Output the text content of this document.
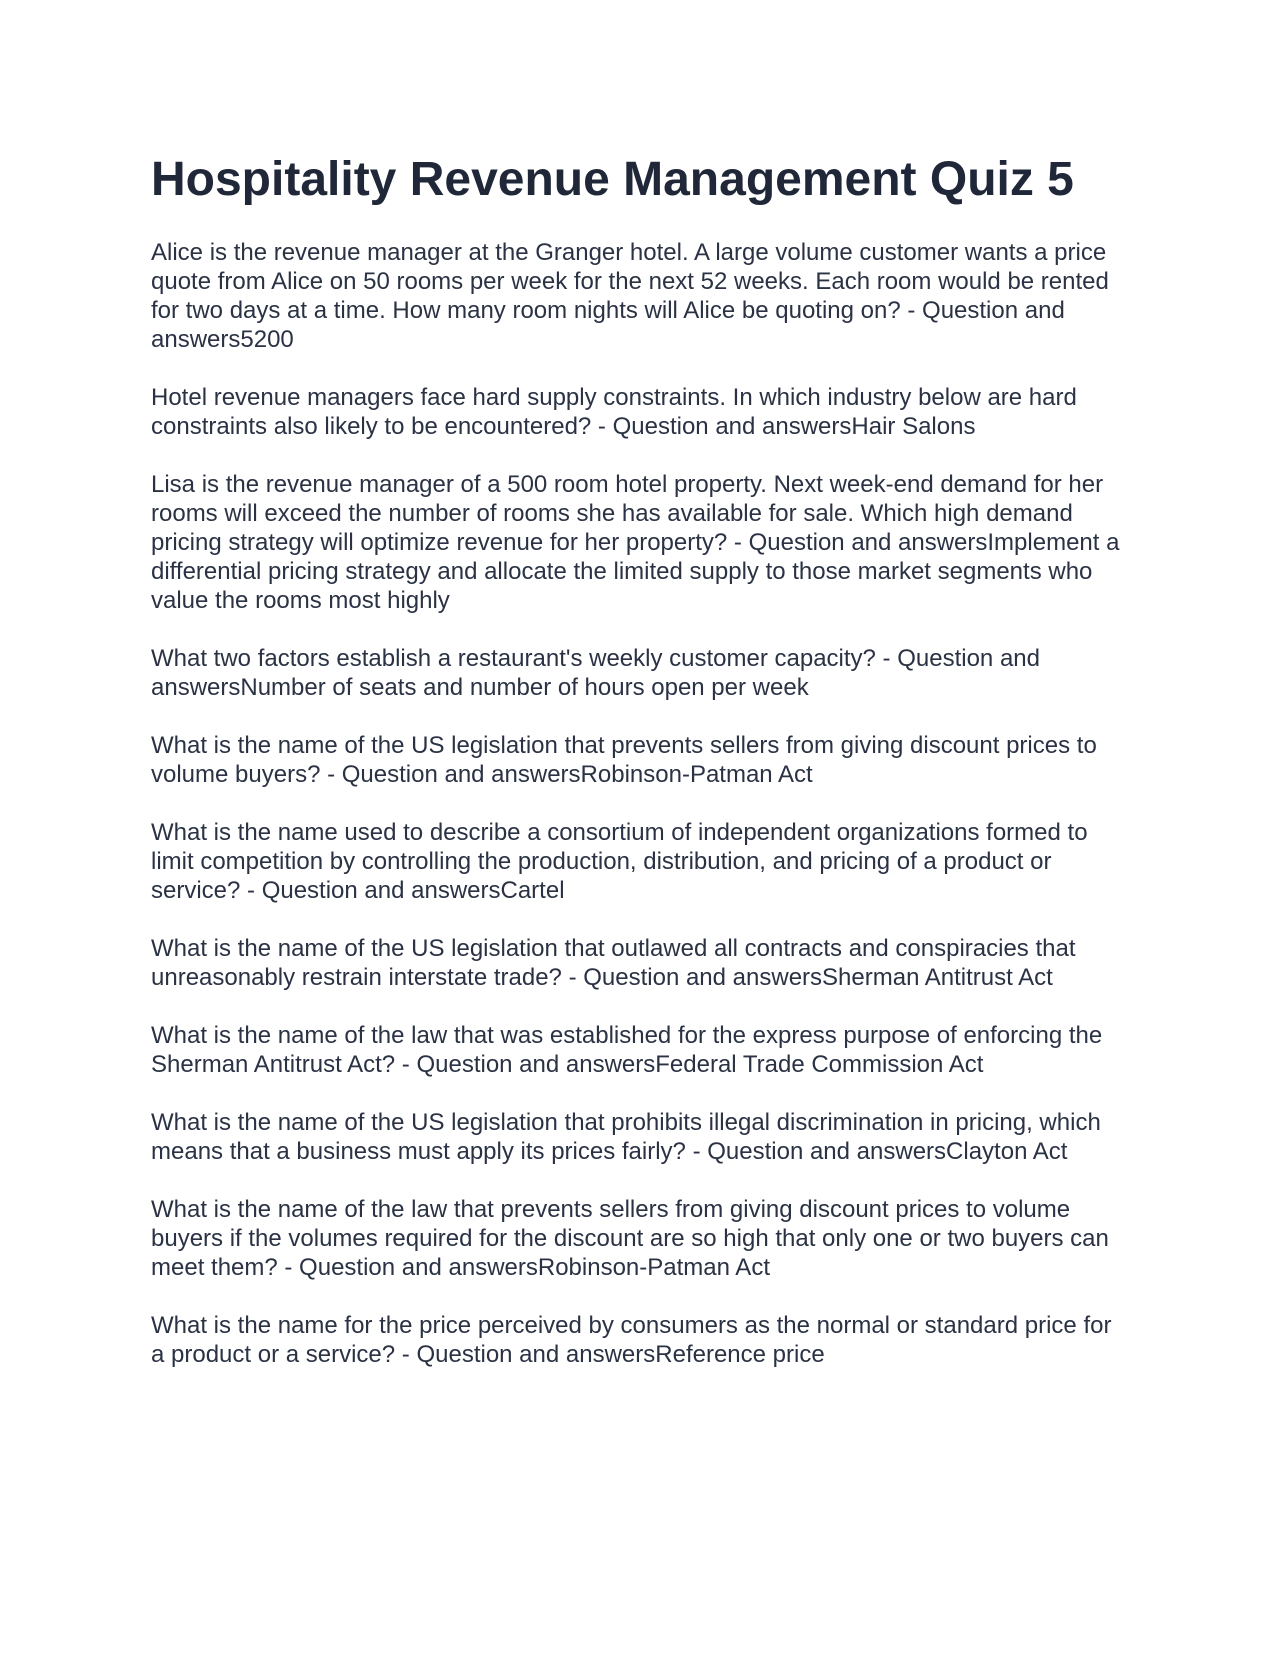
Hospitality Revenue Management Quiz 5

Alice is the revenue manager at the Granger hotel. A large volume customer wants a price quote from Alice on 50 rooms per week for the next 52 weeks. Each room would be rented for two days at a time. How many room nights will Alice be quoting on? - Question and answers5200

Hotel revenue managers face hard supply constraints. In which industry below are hard constraints also likely to be encountered? - Question and answersHair Salons

Lisa is the revenue manager of a 500 room hotel property. Next week-end demand for her rooms will exceed the number of rooms she has available for sale. Which high demand pricing strategy will optimize revenue for her property? - Question and answersImplement a differential pricing strategy and allocate the limited supply to those market segments who value the rooms most highly

What two factors establish a restaurant's weekly customer capacity? - Question and answersNumber of seats and number of hours open per week

What is the name of the US legislation that prevents sellers from giving discount prices to volume buyers? - Question and answersRobinson-Patman Act

What is the name used to describe a consortium of independent organizations formed to limit competition by controlling the production, distribution, and pricing of a product or service? - Question and answersCartel

What is the name of the US legislation that outlawed all contracts and conspiracies that unreasonably restrain interstate trade? - Question and answersSherman Antitrust Act

What is the name of the law that was established for the express purpose of enforcing the Sherman Antitrust Act? - Question and answersFederal Trade Commission Act

What is the name of the US legislation that prohibits illegal discrimination in pricing, which means that a business must apply its prices fairly? - Question and answersClayton Act

What is the name of the law that prevents sellers from giving discount prices to volume buyers if the volumes required for the discount are so high that only one or two buyers can meet them? - Question and answersRobinson-Patman Act

What is the name for the price perceived by consumers as the normal or standard price for a product or a service? - Question and answersReference price
